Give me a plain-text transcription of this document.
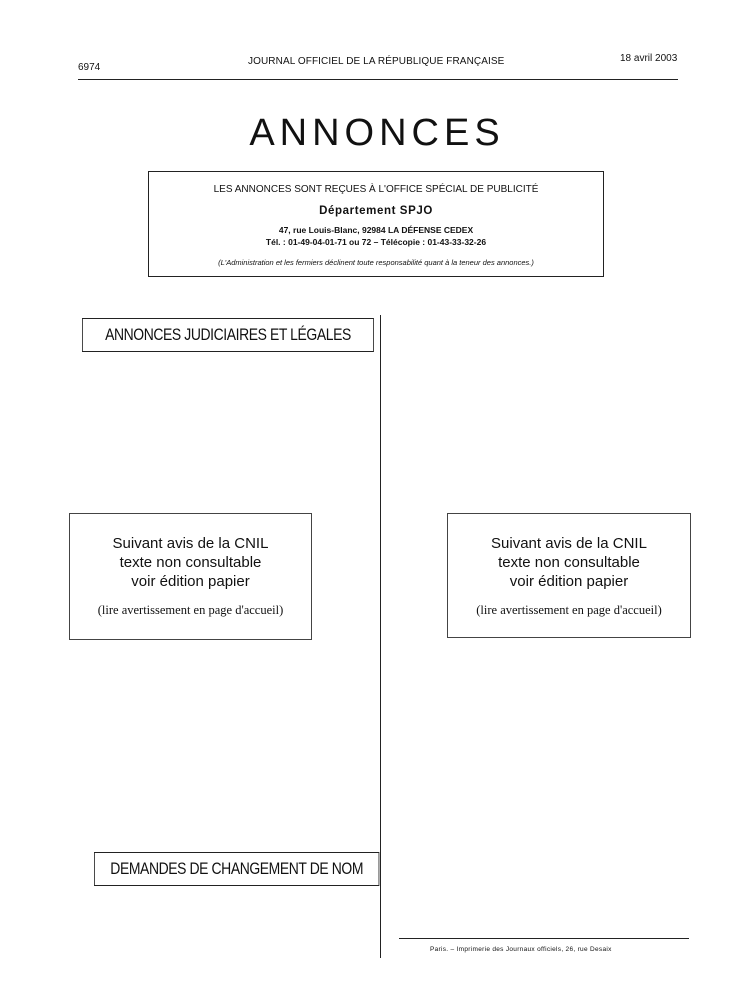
6974
JOURNAL OFFICIEL DE LA RÉPUBLIQUE FRANÇAISE	18 avril 2003
ANNONCES
LES ANNONCES SONT REÇUES À L'OFFICE SPÉCIAL DE PUBLICITÉ
Département SPJO
47, rue Louis-Blanc, 92984 LA DÉFENSE CEDEX
Tél. : 01-49-04-01-71 ou 72 – Télécopie : 01-43-33-32-26
(L'Administration et les fermiers déclinent toute responsabilité quant à la teneur des annonces.)
ANNONCES JUDICIAIRES ET LÉGALES
Suivant avis de la CNIL
texte non consultable
voir édition papier
(lire avertissement en page d'accueil)
Suivant avis de la CNIL
texte non consultable
voir édition papier
(lire avertissement en page d'accueil)
DEMANDES DE CHANGEMENT DE NOM
Paris. – Imprimerie des Journaux officiels, 26, rue Desaix
